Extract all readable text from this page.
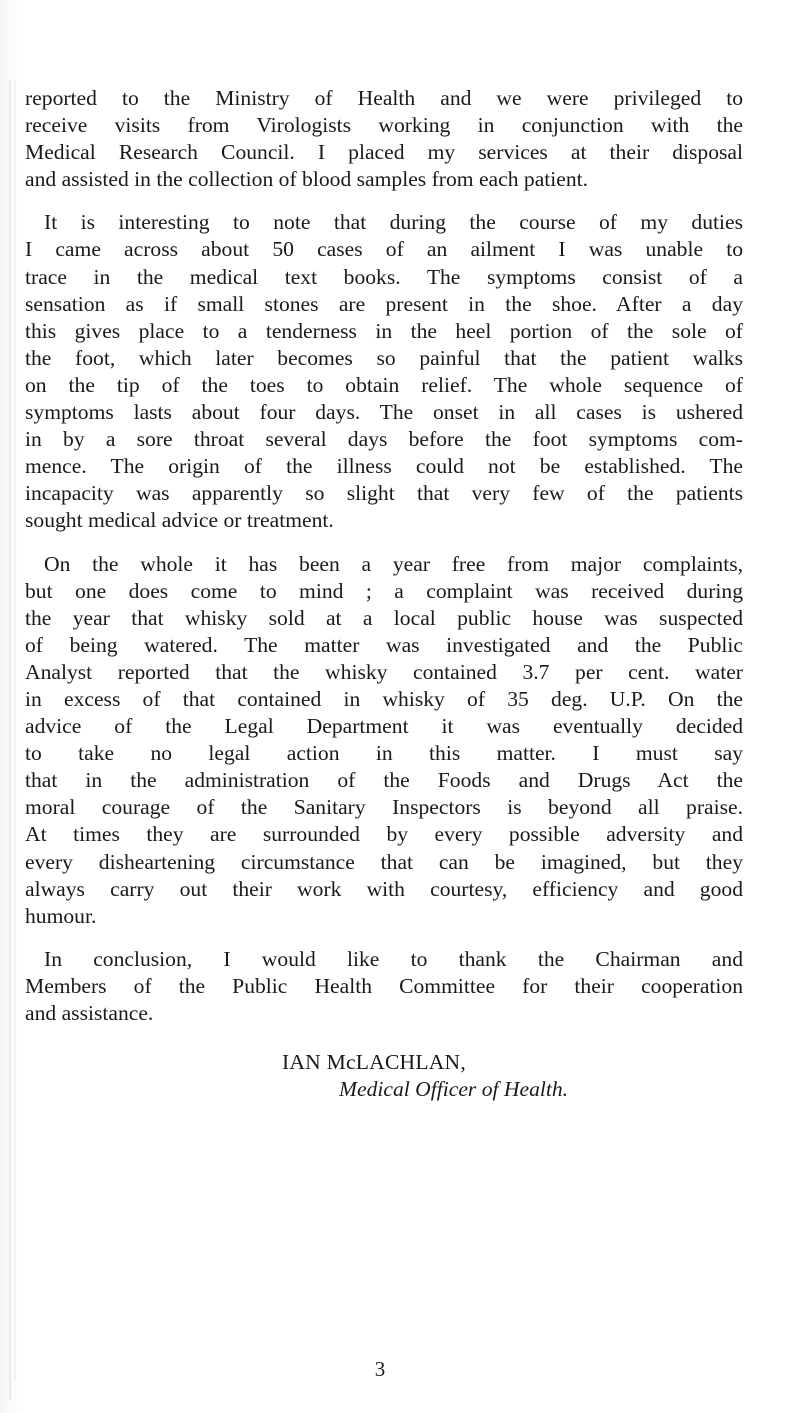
reported to the Ministry of Health and we were privileged to
receive visits from Virologists working in conjunction with the
Medical Research Council. I placed my services at their disposal
and assisted in the collection of blood samples from each patient.
It is interesting to note that during the course of my duties
I came across about 50 cases of an ailment I was unable to
trace in the medical text books. The symptoms consist of a
sensation as if small stones are present in the shoe. After a day
this gives place to a tenderness in the heel portion of the sole of
the foot, which later becomes so painful that the patient walks
on the tip of the toes to obtain relief. The whole sequence of
symptoms lasts about four days. The onset in all cases is ushered
in by a sore throat several days before the foot symptoms com-
mence. The origin of the illness could not be established. The
incapacity was apparently so slight that very few of the patients
sought medical advice or treatment.
On the whole it has been a year free from major complaints,
but one does come to mind ; a complaint was received during
the year that whisky sold at a local public house was suspected
of being watered. The matter was investigated and the Public
Analyst reported that the whisky contained 3.7 per cent. water
in excess of that contained in whisky of 35 deg. U.P. On the
advice of the Legal Department it was eventually decided
to take no legal action in this matter. I must say
that in the administration of the Foods and Drugs Act the
moral courage of the Sanitary Inspectors is beyond all praise.
At times they are surrounded by every possible adversity and
every disheartening circumstance that can be imagined, but they
always carry out their work with courtesy, efficiency and good
humour.
In conclusion, I would like to thank the Chairman and
Members of the Public Health Committee for their cooperation
and assistance.
IAN McLACHLAN,
Medical Officer of Health.
3
